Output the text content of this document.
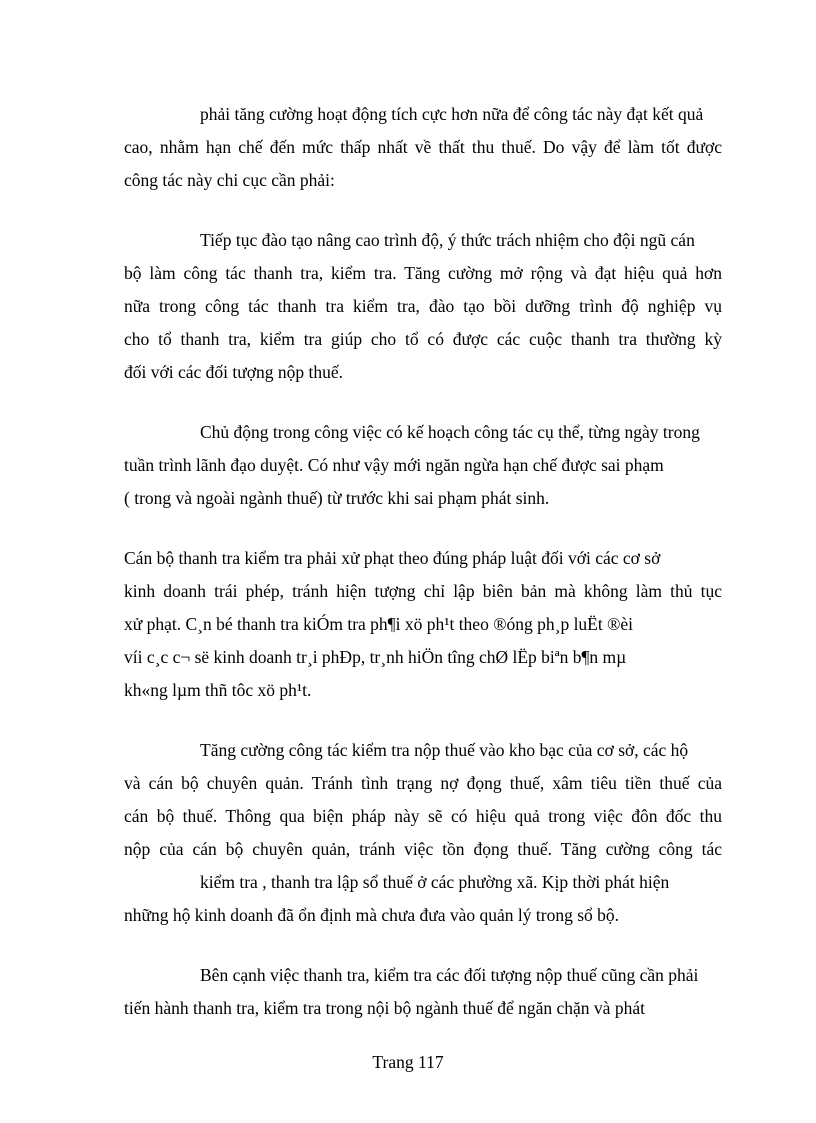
phải tăng cường hoạt động tích cực hơn nữa để công tác này đạt kết quả

cao, nhằm hạn chế đến mức thấp nhất về thất thu thuế. Do vậy để làm tốt được

công tác này chi cục cần phải:

Tiếp tục đào tạo nâng cao trình độ, ý thức trách nhiệm cho đội ngũ cán

bộ làm công tác thanh tra, kiểm tra. Tăng cường mở rộng và đạt hiệu quả hơn

nữa trong công tác thanh tra kiểm tra, đào tạo bồi dưỡng trình độ nghiệp vụ

cho tổ thanh tra, kiểm tra giúp cho tổ có được các cuộc thanh tra thường kỳ

đối với các đối tượng nộp thuế.

Chủ động trong công việc có kế hoạch công tác cụ thể, từng ngày trong

tuần trình lãnh đạo duyệt. Có như vậy mới ngăn ngừa hạn chế được sai phạm

( trong và ngoài ngành thuế) từ trước khi sai phạm phát sinh.

Cán bộ thanh tra kiểm tra phải xử phạt theo đúng pháp luật đối với các cơ sở

kinh doanh trái phép, tránh hiện tượng chỉ lập biên bản mà không làm thủ tục

xử phạt. C¸n bé thanh tra kiÓm tra ph¶i xö ph¹t theo ®óng ph¸p luËt ®èi

víi c¸c c¬ së kinh doanh tr¸i phÐp, tr¸nh hiÖn tîng chØ lËp biªn b¶n mµ

kh«ng lµm thñ tôc xö ph¹t.

Tăng cường công tác kiểm tra nộp thuế vào kho bạc của cơ sở, các hộ

và cán bộ chuyên quản. Tránh tình trạng nợ đọng thuế, xâm tiêu tiền thuế của

cán bộ thuế. Thông qua biện pháp này sẽ có hiệu quả trong việc đôn đốc thu

nộp của cán bộ chuyên quản, tránh việc tồn đọng thuế. Tăng cường công tác

kiểm tra , thanh tra lập sổ thuế ở các phường xã. Kịp thời phát hiện

những hộ kinh doanh đã ổn định mà chưa đưa vào quản lý trong sổ bộ.

Bên cạnh việc thanh tra, kiểm tra các đối tượng nộp thuế cũng cần phải

tiến hành thanh tra, kiểm tra trong nội bộ ngành thuế để ngăn chặn và phát

Trang 117
